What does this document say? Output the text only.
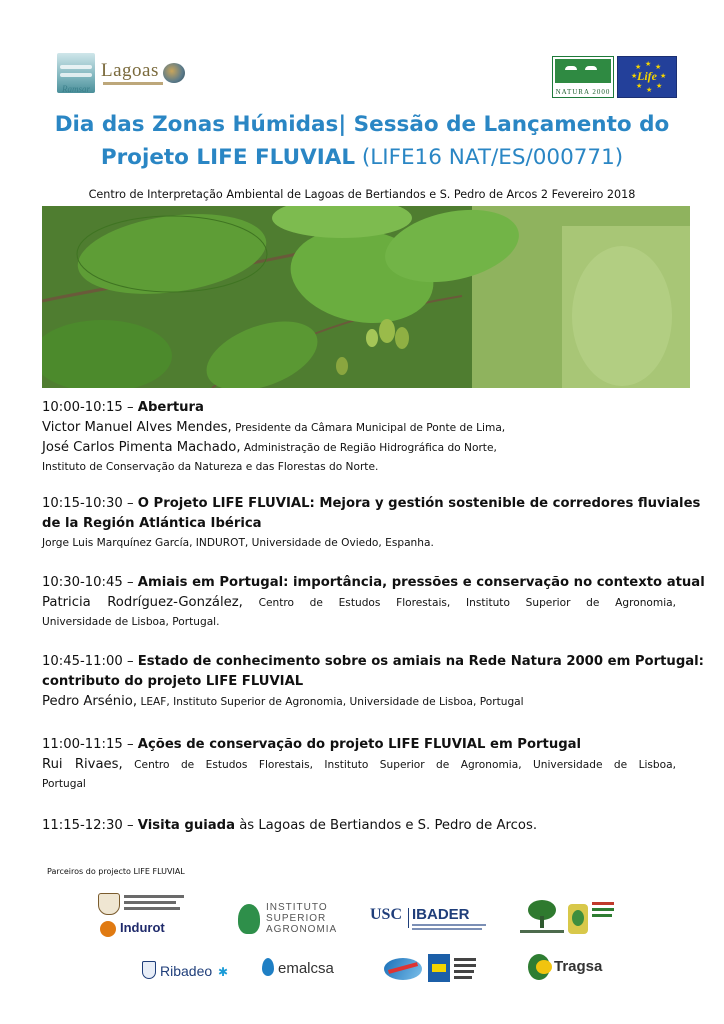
Ramsar
Lagoas
NATURA 2000
★ ★
★
★
★
★
★
★
Life
Dia das Zonas Húmidas| Sessão de Lançamento do
Projeto LIFE FLUVIAL (LIFE16 NAT/ES/000771)
Centro de Interpretação Ambiental de Lagoas de Bertiandos e S. Pedro de Arcos 2 Fevereiro 2018
10:00-10:15 – Abertura
Victor Manuel Alves Mendes, Presidente da Câmara Municipal de Ponte de Lima,
José Carlos Pimenta Machado, Administração de Região Hidrográfica do Norte,
Instituto de Conservação da Natureza e das Florestas do Norte.
10:15-10:30 – O Projeto LIFE FLUVIAL: Mejora y gestión sostenible de corredores fluviales
de la Región Atlántica Ibérica
Jorge Luis Marquínez García, INDUROT, Universidade de Oviedo, Espanha.
10:30-10:45 – Amiais em Portugal: importância, pressões e conservação no contexto atual
Patricia Rodríguez-González, Centro de Estudos Florestais, Instituto Superior de Agronomia,
Universidade de Lisboa, Portugal.
10:45-11:00 – Estado de conhecimento sobre os amiais na Rede Natura 2000 em Portugal:
contributo do projeto LIFE FLUVIAL
Pedro Arsénio, LEAF, Instituto Superior de Agronomia, Universidade de Lisboa, Portugal
11:00-11:15 – Ações de conservação do projeto LIFE FLUVIAL em Portugal
Rui Rivaes, Centro de Estudos Florestais, Instituto Superior de Agronomia, Universidade de Lisboa,
Portugal
11:15-12:30 – Visita guiada às Lagoas de Bertiandos e S. Pedro de Arcos.
Parceiros do projecto LIFE FLUVIAL
Indurot
INSTITUTO
SUPERIOR
AGRONOMIA
USC IBADER
Ribadeo ✱	emalcsa	Tragsa
